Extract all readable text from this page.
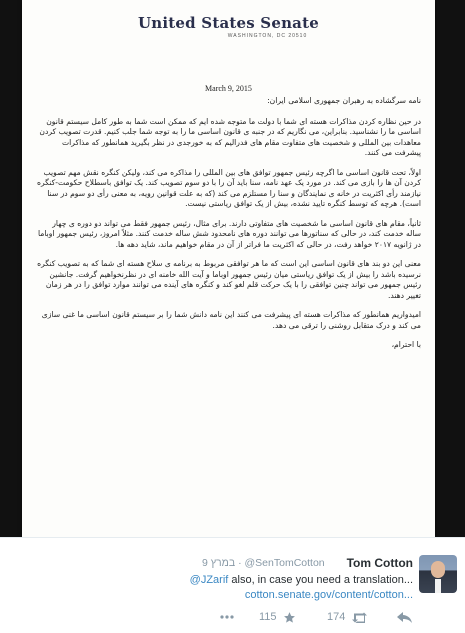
United States Senate
WASHINGTON, DC 20510
March 9, 2015

نامه سرگشاده به رهبران جمهوری اسلامی ایران:

در حین نظاره کردن مذاکرات هسته ای شما با دولت ما متوجه شده ایم که ممکن است شما به طور کامل سیستم قانون اساسی ما را نشناسید. بنابراین، می نگاریم که در جنبه ی قانون اساسی ما را به توجه شما جلب کنیم. قدرت تصویب کردن معاهدات بین المللی و شخصیت های متفاوت مقام های فدرالیم که به خورجدی در نظر بگیرید همانطور که مذاکرات پیشرفت می کنند.

اولاً، تحت قانون اساسی ما اگرچه رئیس جمهور توافق های بین المللی را مذاکره می کند، ولیکن کنگره نقش مهم تصویب کردن آن ها را بازی می کند. در مورد یک عهد نامه، سنا باید آن را با دو سوم تصویب کند. یک توافق باسطلاح حکومت-کنگره نیازمند رأی اکثریت در خانه ی نمایندگان و سنا را مستلزم می کند (که به علت قوانین رویه، به معنی رأی دو سوم در سنا است). هرچه که توسط کنگره تایید نشده، بیش از یک توافق ریاستی نیست.

ثانیاً، مقام های قانون اساسی ما شخصیت های متفاوتی دارند. برای مثال، رئیس جمهور فقط می تواند دو دوره ی چهار ساله خدمت کند، در حالی که سناتورها می توانند دوره های نامحدود شش ساله خدمت کنند. مثلاً امروز، رئیس جمهور اوباما در ژانویه ۲۰۱۷ خواهد رفت، در حالی که اکثریت ما فراتر از آن در مقام خواهیم ماند، شاید دهه ها.

معنی این دو بند های قانون اساسی این است که ما هر توافقی مربوط به برنامه ی سلاح هسته ای شما که به تصویب کنگره نرسیده باشد را بیش از یک توافق ریاستی میان رئیس جمهور اوباما و آیت الله خامنه ای در نظرنخواهیم گرفت. جانشین رئیس جمهور می تواند چنین توافقی را با یک حرکت قلم لغو کند و کنگره های آینده می توانند موارد توافق را در هر زمان تغییر دهند.

امیدواریم همانطور که مذاکرات هسته ای پیشرفت می کنند این نامه دانش شما را بر سیستم قانون اساسی ما غنی سازی می کند و درک متقابل روشنی را ترقی می دهد.

با احترام،

Tom Cotton
9 במרץ · @SenTomCotton
@JZarif also, in case you need a translation...
cotton.senate.gov/content/cotton...
115	174
